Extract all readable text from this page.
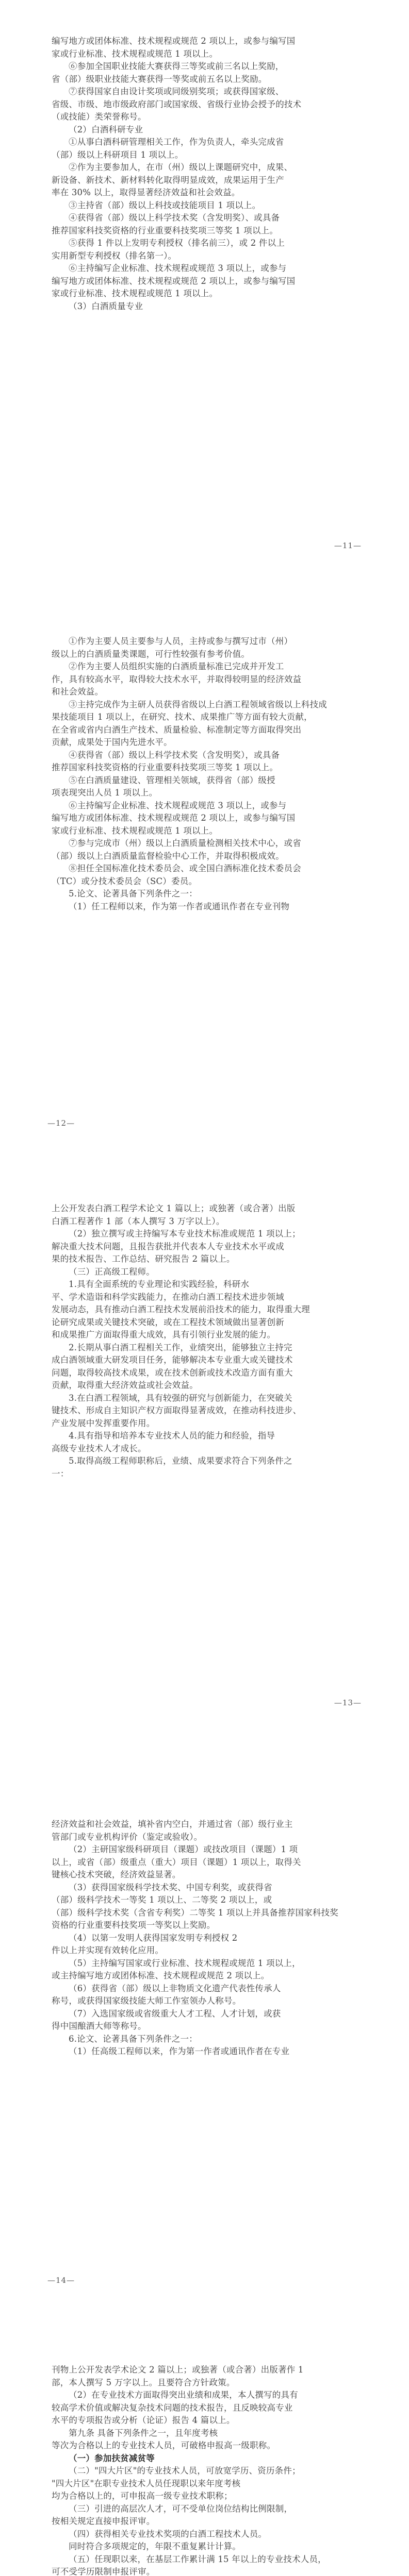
编写地方或团体标准、技术规程或规范 2 项以上，或参与编写国
家或行业标准、技术规程或规范 1 项以上。
⑥参加全国职业技能大赛获得三等奖或前三名以上奖励，
省（部）级职业技能大赛获得一等奖或前五名以上奖励。
⑦获得国家自由设计奖项或同级别奖项；或获得国家级、
省级、市级、地市级政府部门或国家级、省级行业协会授予的技术
（或技能）类荣誉称号。
（2）白酒科研专业
①从事白酒科研管理相关工作，作为负责人，牵头完成省
（部）级以上科研项目 1 项以上。
②作为主要参加人，在市（州）级以上课题研究中，成果、
新设备、新技术、新材料转化取得明显成效，成果运用于生产
率在 30% 以上，取得显著经济效益和社会效益。
③主持省（部）级以上科技或技能项目 1 项以上。
④获得省（部）级以上科学技术奖（含发明奖）、或具备
推荐国家科技奖资格的行业重要科技奖项三等奖 1 项以上。
⑤获得 1 件以上发明专利授权（排名前三），或 2 件以上
实用新型专利授权（排名第一）。
⑥主持编写企业标准、技术规程或规范 3 项以上，或参与
编写地方或团体标准、技术规程或规范 2 项以上，或参与编写国
家或行业标准、技术规程或规范 1 项以上。
（3）白酒质量专业
—11—
①作为主要人员主要参与人员，主持或参与撰写过市（州）
级以上的白酒质量类课题，可行性较强有参考价值。
②作为主要人员组织实施的白酒质量标准已完成并开发工
作，具有较高水平，取得较大技术水平，并取得较明显的经济效益
和社会效益。
③主持完成作为主研人员获得省级以上白酒工程领域省级以上科技成
果技能项目 1 项以上，在研究、技术、成果推广等方面有较大贡献，
在全省或省内白酒生产技术、质量检验、标准制定等方面取得突出
贡献，成果处于国内先进水平。
④获得省（部）级以上科学技术奖（含发明奖），或具备
推荐国家科技奖资格的行业重要科技奖项三等奖 1 项以上。
⑤在白酒质量建设、管理相关领域，获得省（部）级授
项表现突出人员 1 项以上。
⑥主持编写企业标准、技术规程或规范 3 项以上，或参与
编写地方或团体标准、技术规程或规范 2 项以上，或参与编写国
家或行业标准、技术规程或规范 1 项以上。
⑦参与完成市（州）级以上白酒质量检测相关技术中心，或省
（部）级以上白酒质量监督检验中心工作，并取得积极成效。
⑧担任全国标准化技术委员会、或全国白酒标准化技术委员会
（TC）或分技术委员会（SC）委员。
5.论文、论著具备下列条件之一：
（1）任工程师以来，作为第一作者或通讯作者在专业刊物
—12—
上公开发表白酒工程学术论文 1 篇以上；或独著（或合著）出版
白酒工程著作 1 部（本人撰写 3 万字以上）。
（2）独立撰写或主持编写本专业技术标准或规范 1 项以上；
解决重大技术问题，且报告获批并代表本人专业技术水平或成
果的技术报告、工作总结、研究报告 2 篇以上。
（三）正高级工程师。
1.具有全面系统的专业理论和实践经验，科研水
平、学术造诣和科学实践能力，在推动白酒工程技术进步领域
发展动态，具有推动白酒工程技术发展前沿技术的能力，取得重大理
论研究成果或关键技术突破，或在工程技术领域做出显著创新
和成果推广方面取得重大成效，具有引领行业发展的能力。
2.长期从事白酒工程相关工作，业绩突出，能够独立主持完
成白酒领域重大研发项目任务，能够解决本专业重大或关键技术
问题，取得较高技术成果，或在技术创新或技术改造方面有重大
贡献，取得重大经济效益或社会效益。
3.在白酒工程领域，具有较强的研究与创新能力，在突破关
键技术、形成自主知识产权方面取得显著成效，在推动科技进步、
产业发展中发挥重要作用。
4.具有指导和培养本专业技术人员的能力和经验，指导
高级专业技术人才成长。
5.取得高级工程师职称后，业绩、成果要求符合下列条件之
一：
—13—
经济效益和社会效益，填补省内空白，并通过省（部）级行业主
管部门或专业机构评价（鉴定或验收）。
（2）主研国家级科研项目（课题）或技改项目（课题）1 项
以上，或省（部）级重点（重大）项目（课题）1 项以上，取得关
键核心技术突破，经济效益显著。
（3）获得国家级科学技术奖、中国专利奖，或获得省
（部）级科学技术一等奖 1 项以上、二等奖 2 项以上，或
（部）级科学技术奖（含省专利奖）二等奖 1 项以上并具备推荐国家科技奖
资格的行业重要科技奖项一等奖以上奖励。
（4）以第一发明人获得国家发明专利授权 2
件以上并实现有效转化应用。
（5）主持编写国家或行业标准、技术规程或规范 1 项以上，
或主持编写地方或团体标准、技术规程或规范 2 项以上。
（6）获得省（部）级以上非物质文化遗产代表性传承人
称号，或获得国家级技能大师工作室领办人称号。
（7）入选国家级或省级重大人才工程、人才计划，或获
得中国酿酒大师等称号。
6.论文、论著具备下列条件之一：
（1）任高级工程师以来，作为第一作者或通讯作者在专业
—14—
刊物上公开发表学术论文 2 篇以上；或独著（或合著）出版著作 1
部，本人撰写 5 万字以上。且要符合方针政策。
（2）在专业技术方面取得突出业绩和成果，本人撰写的具有
较高学术价值或解决复杂技术问题的技术报告，且反映较高专业
水平的专项报告或分析（论证）报告 4 篇以上。
第九条 具备下列条件之一，且年度考核
等次为合格以上的专业技术人员，可破格申报高一级职称。
（一）参加扶贫减贫等
（二）"四大片区"的专业技术人员，可放宽学历、资历条件；
"四大片区"在职专业技术人员任现职以来年度考核
均为合格以上的，可申报高一级专业技术职称；
（三）引进的高层次人才，可不受单位岗位结构比例限制，
按相关规定直接申报评审。
（四）获得相关专业技术奖项的白酒工程技术人员。
同时符合多项规定的，年限不重复累计计算。
（五）任现职以来，在基层工作累计满 15 年以上的专业技术人员，
可不受学历限制申报评审。
